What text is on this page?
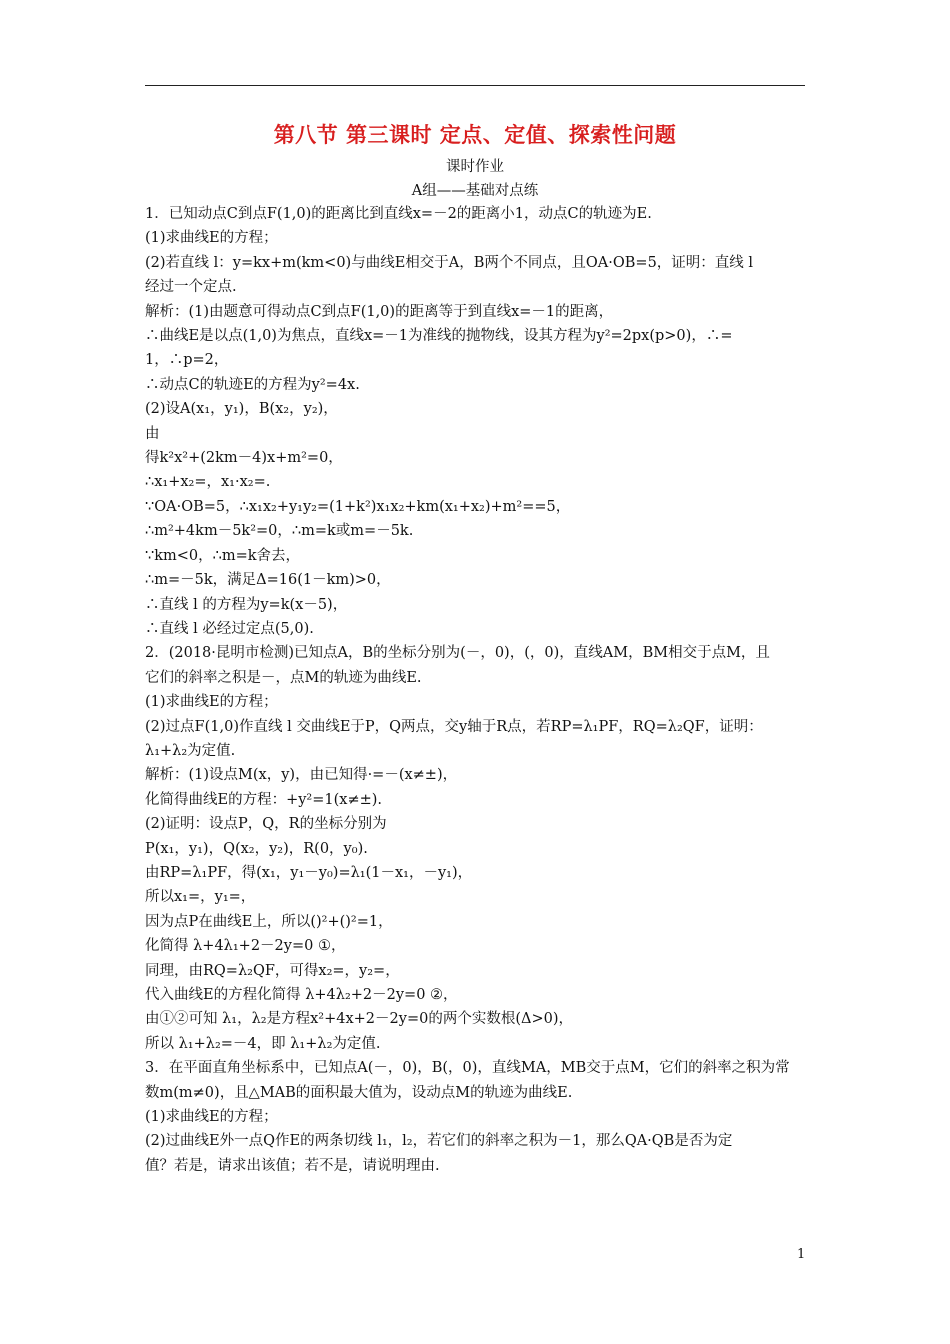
第八节 第三课时 定点、定值、探索性问题
课时作业
A组——基础对点练

1．已知动点C到点F(1,0)的距离比到直线x=－2的距离小1，动点C的轨迹为E.

(1)求曲线E的方程；

(2)若直线 l：y=kx+m(km<0)与曲线E相交于A，B两个不同点，且OA·OB=5，证明：直线 l

经过一个定点.

解析：(1)由题意可得动点C到点F(1,0)的距离等于到直线x=－1的距离，

∴曲线E是以点(1,0)为焦点，直线x=－1为准线的抛物线，设其方程为y²=2px(p>0)，∴=

1，∴p=2，

∴动点C的轨迹E的方程为y²=4x.

(2)设A(x₁，y₁)，B(x₂，y₂)，

由

得k²x²+(2km－4)x+m²=0，

∴x₁+x₂=，x₁·x₂=.

∵OA·OB=5，∴x₁x₂+y₁y₂=(1+k²)x₁x₂+km(x₁+x₂)+m²==5，

∴m²+4km－5k²=0，∴m=k或m=－5k.

∵km<0，∴m=k舍去，

∴m=－5k，满足Δ=16(1－km)>0，

∴直线 l 的方程为y=k(x－5)，

∴直线 l 必经过定点(5,0).

2．(2018·昆明市检测)已知点A，B的坐标分别为(－，0)，(，0)，直线AM，BM相交于点M，且

它们的斜率之积是－，点M的轨迹为曲线E.

(1)求曲线E的方程；

(2)过点F(1,0)作直线 l 交曲线E于P，Q两点，交y轴于R点，若RP=λ₁PF，RQ=λ₂QF，证明：

λ₁+λ₂为定值.

解析：(1)设点M(x，y)，由已知得·=－(x≠±)，

化简得曲线E的方程：+y²=1(x≠±).

(2)证明：设点P，Q，R的坐标分别为

P(x₁，y₁)，Q(x₂，y₂)，R(0，y₀).

由RP=λ₁PF，得(x₁，y₁－y₀)=λ₁(1－x₁，－y₁)，

所以x₁=，y₁=，

因为点P在曲线E上，所以()²+()²=1，

化简得 λ+4λ₁+2－2y=0 ①，

同理，由RQ=λ₂QF，可得x₂=，y₂=，

代入曲线E的方程化简得 λ+4λ₂+2－2y=0 ②，

由①②可知 λ₁，λ₂是方程x²+4x+2－2y=0的两个实数根(Δ>0)，

所以 λ₁+λ₂=－4，即 λ₁+λ₂为定值.

3．在平面直角坐标系中，已知点A(－，0)，B(，0)，直线MA，MB交于点M，它们的斜率之积为常

数m(m≠0)，且△MAB的面积最大值为，设动点M的轨迹为曲线E.

(1)求曲线E的方程；

(2)过曲线E外一点Q作E的两条切线 l₁，l₂，若它们的斜率之积为－1，那么QA·QB是否为定

值？若是，请求出该值；若不是，请说明理由.

1
